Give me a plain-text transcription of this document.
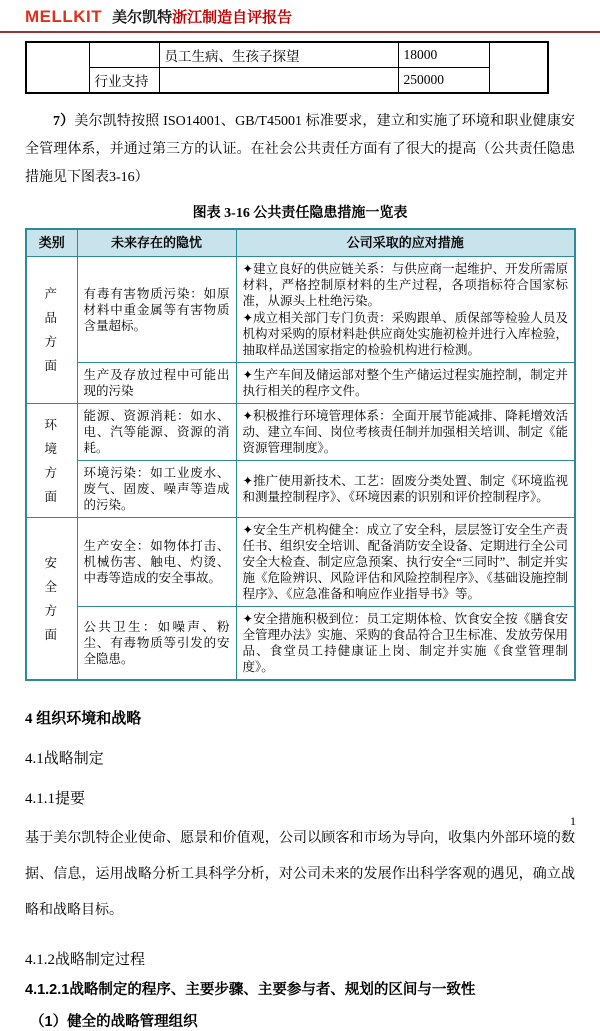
MELLKIT 美尔凯特浙江制造自评报告
		员工生病、生孩子探望	18000	
	行业支持		250000	

7）美尔凯特按照 ISO14001、GB/T45001 标准要求，建立和实施了环境和职业健康安全管理体系，并通过第三方的认证。在社会公共责任方面有了很大的提高（公共责任隐患措施见下图表3-16）

图表 3-16 公共责任隐患措施一览表
类别	未来存在的隐忧	公司采取的应对措施
产品方面	有毒有害物质污染：如原材料中重金属等有害物质含量超标。	✦建立良好的供应链关系：与供应商一起维护、开发所需原材料，严格控制原材料的生产过程，各项指标符合国家标准，从源头上杜绝污染。
✦成立相关部门专门负责：采购跟单、质保部等检验人员及机构对采购的原材料赴供应商处实施初检并进行入库检验，抽取样品送国家指定的检验机构进行检测。

	生产及存放过程中可能出现的污染	✦生产车间及储运部对整个生产储运过程实施控制，制定并执行相关的程序文件。

环境方面	能源、资源消耗：如水、电、汽等能源、资源的消耗。	✦积极推行环境管理体系：全面开展节能减排、降耗增效活动、建立车间、岗位考核责任制并加强相关培训、制定《能资源管理制度》。

	环境污染：如工业废水、废气、固废、噪声等造成的污染。	✦推广使用新技术、工艺：固废分类处置、制定《环境监视和测量控制程序》、《环境因素的识别和评价控制程序》。

安全方面	生产安全：如物体打击、机械伤害、触电、灼烫、中毒等造成的安全事故。	✦安全生产机构健全：成立了安全科，层层签订安全生产责任书、组织安全培训、配备消防安全设备、定期进行全公司安全大检查、制定应急预案、执行安全“三同时”、制定并实施《危险辨识、风险评估和风险控制程序》、《基础设施控制程序》、《应急准备和响应作业指导书》等。

	公共卫生：如噪声、粉尘、有毒物质等引发的安全隐患。	✦安全措施积极到位：员工定期体检、饮食安全按《膳食安全管理办法》实施、采购的食品符合卫生标准、发放劳保用品、食堂员工持健康证上岗、制定并实施《食堂管理制度》。
4 组织环境和战略
4.1战略制定
4.1.1提要

基于美尔凯特企业使命、愿景和价值观，公司以顾客和市场为导向，收集内外部环境的数据、信息，运用战略分析工具科学分析，对公司未来的发展作出科学客观的遇见，确立战略和战略目标。

4.1.2战略制定过程
4.1.2.1战略制定的程序、主要步骤、主要参与者、规划的区间与一致性
（1）健全的战略管理组织
1
